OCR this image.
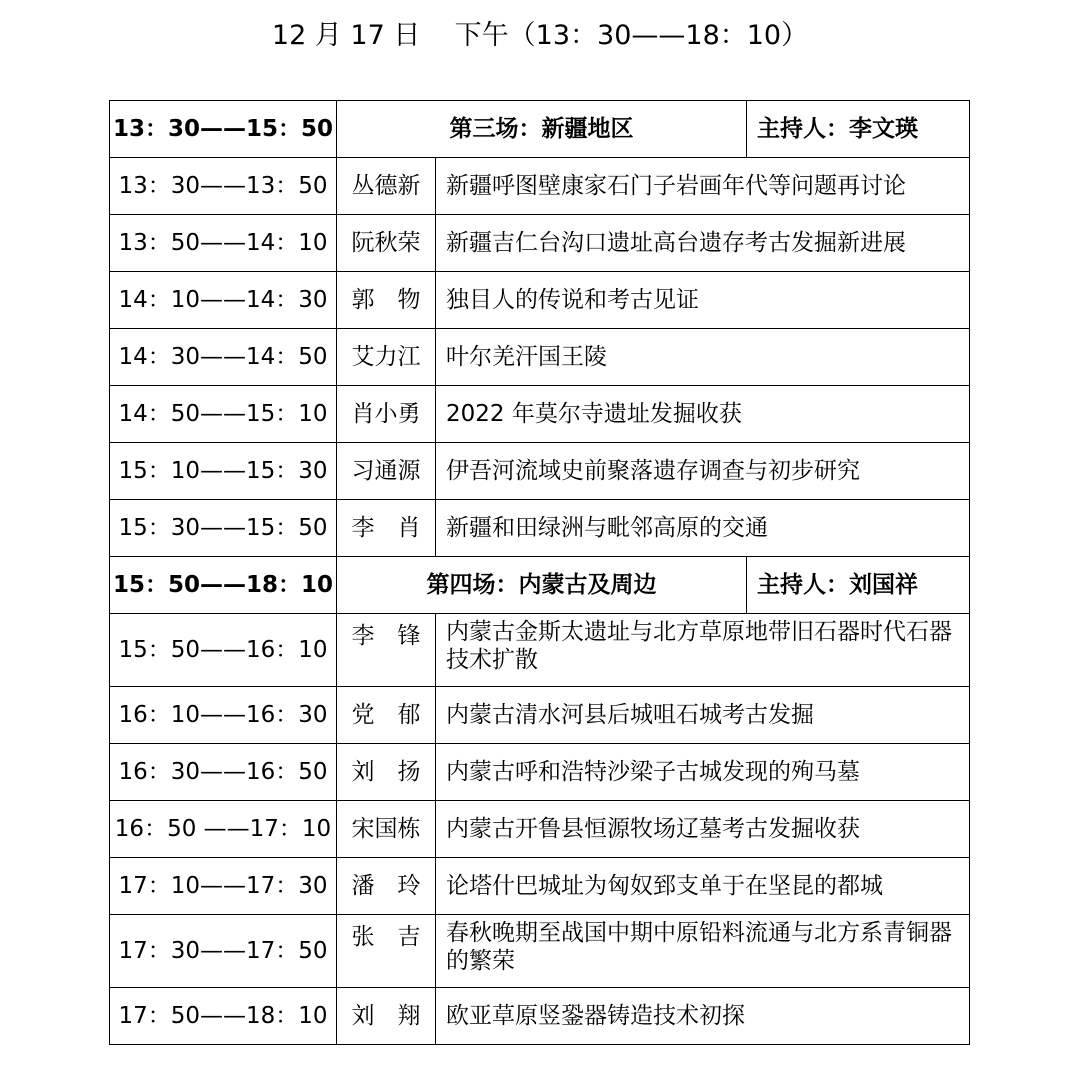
12 月 17 日    下午（13：30——18：10）
13：30——15：50	第三场：新疆地区		主持人：李文瑛
13：30——13：50	丛德新	新疆呼图壁康家石门子岩画年代等问题再讨论	
13：50——14：10	阮秋荣	新疆吉仁台沟口遗址高台遗存考古发掘新进展	
14：10——14：30	郭　物	独目人的传说和考古见证	
14：30——14：50	艾力江	叶尔羌汗国王陵	
14：50——15：10	肖小勇	2022 年莫尔寺遗址发掘收获	
15：10——15：30	习通源	伊吾河流域史前聚落遗存调查与初步研究	
15：30——15：50	李　肖	新疆和田绿洲与毗邻高原的交通	
15：50——18：10	第四场：内蒙古及周边		主持人：刘国祥
15：50——16：10	李　锋	内蒙古金斯太遗址与北方草原地带旧石器时代石器技术扩散	
16：10——16：30	党　郁	内蒙古清水河县后城咀石城考古发掘	
16：30——16：50	刘　扬	内蒙古呼和浩特沙梁子古城发现的殉马墓	
16：50 ——17：10	宋国栋	内蒙古开鲁县恒源牧场辽墓考古发掘收获	
17：10——17：30	潘　玲	论塔什巴城址为匈奴郅支单于在坚昆的都城	
17：30——17：50	张　吉	春秋晚期至战国中期中原铅料流通与北方系青铜器的繁荣	
17：50——18：10	刘　翔	欧亚草原竖銎器铸造技术初探	
